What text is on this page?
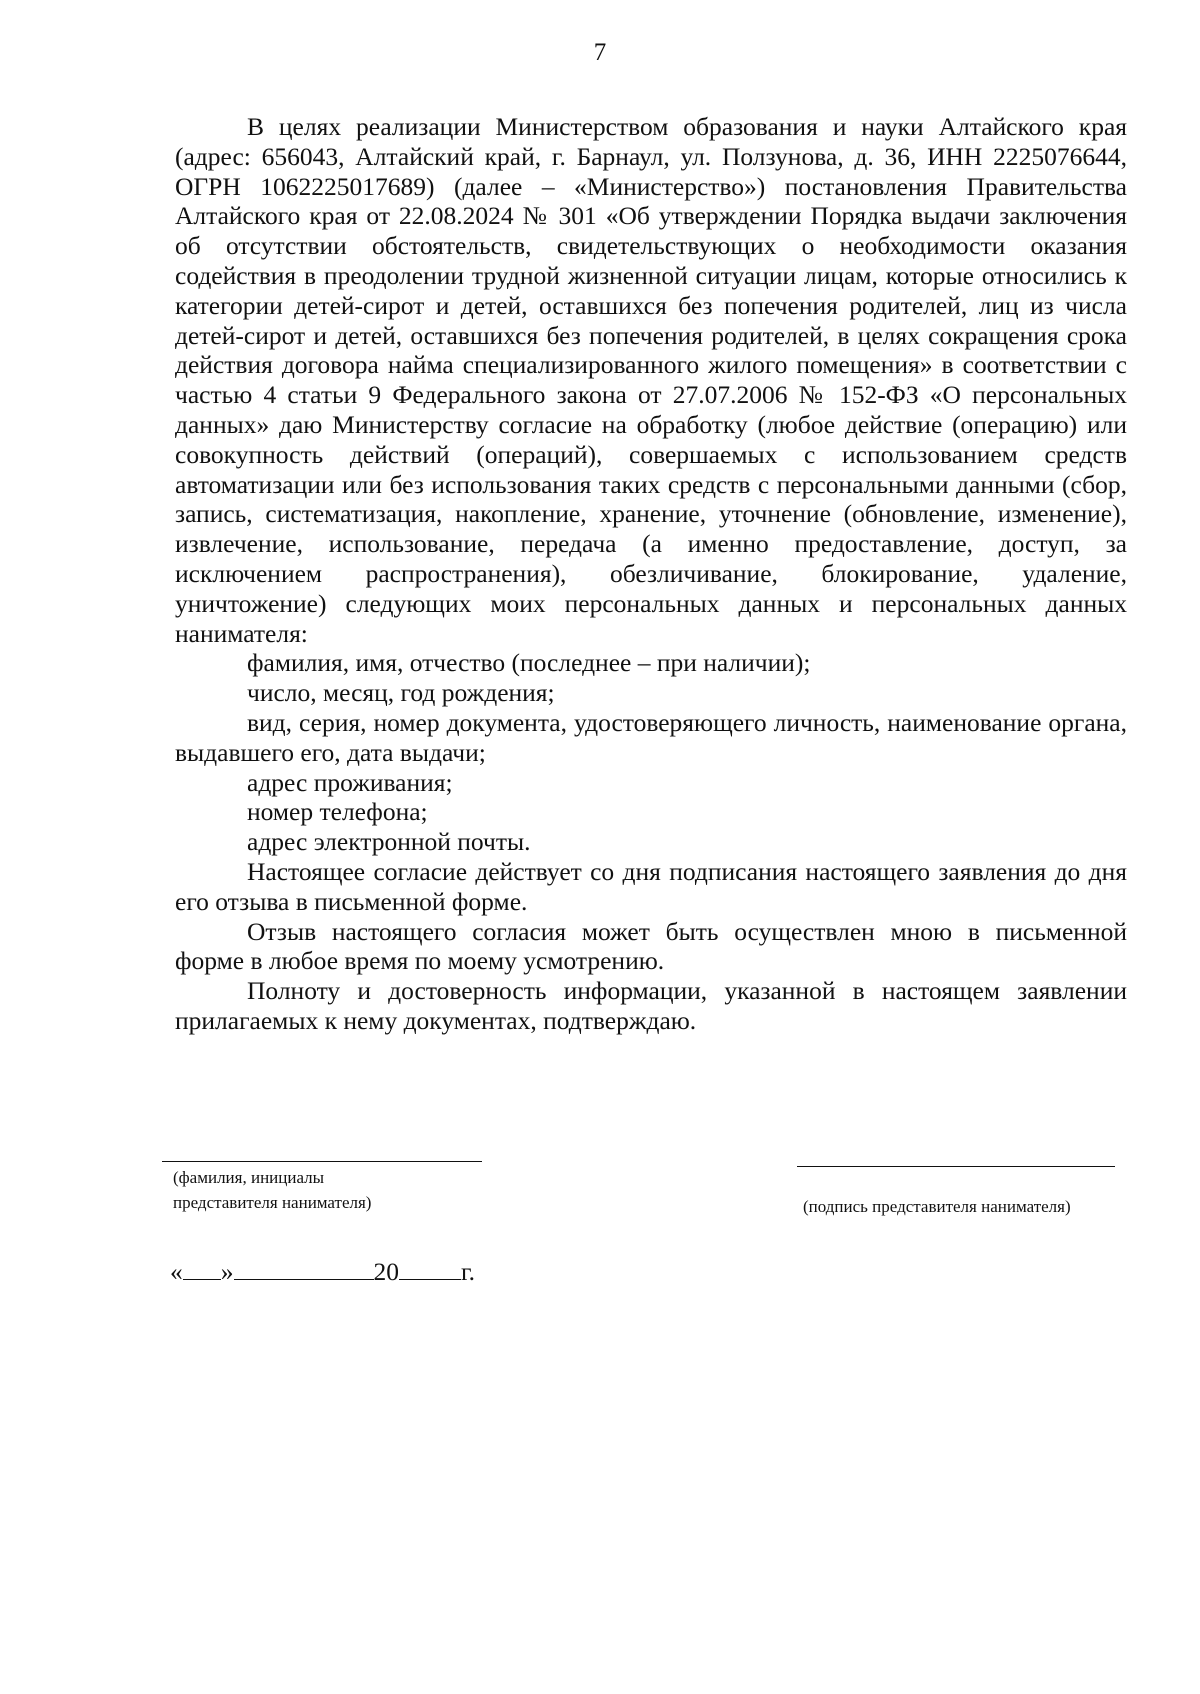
7

В целях реализации Министерством образования и науки Алтайского края (адрес: 656043, Алтайский край, г. Барнаул, ул. Ползунова, д. 36, ИНН 2225076644, ОГРН 1062225017689) (далее – «Министерство») постановления Правительства Алтайского края от 22.08.2024 № 301 «Об утверждении Порядка выдачи заключения об отсутствии обстоятельств, свидетельствующих о необходимости оказания содействия в преодолении трудной жизненной ситуации лицам, которые относились к категории детей-сирот и детей, оставшихся без попечения родителей, лиц из числа детей-сирот и детей, оставшихся без попечения родителей, в целях сокращения срока действия договора найма специализированного жилого помещения» в соответствии с частью 4 статьи 9 Федерального закона от 27.07.2006 № 152-ФЗ «О персональных данных» даю Министерству согласие на обработку (любое действие (операцию) или совокупность действий (операций), совершаемых с использованием средств автоматизации или без использования таких средств с персональными данными (сбор, запись, систематизация, накопление, хранение, уточнение (обновление, изменение), извлечение, использование, передача (а именно предоставление, доступ, за исключением распространения), обезличивание, блокирование, удаление, уничтожение) следующих моих персональных данных и персональных данных нанимателя:

фамилия, имя, отчество (последнее – при наличии);

число, месяц, год рождения;

вид, серия, номер документа, удостоверяющего личность, наименование органа, выдавшего его, дата выдачи;

адрес проживания;

номер телефона;

адрес электронной почты.

Настоящее согласие действует со дня подписания настоящего заявления до дня его отзыва в письменной форме.

Отзыв настоящего согласия может быть осуществлен мною в письменной форме в любое время по моему усмотрению.

Полноту и достоверность информации, указанной в настоящем заявлении прилагаемых к нему документах, подтверждаю.

(фамилия, инициалы
представителя нанимателя)	(подпись представителя нанимателя)
« »	20 г.
